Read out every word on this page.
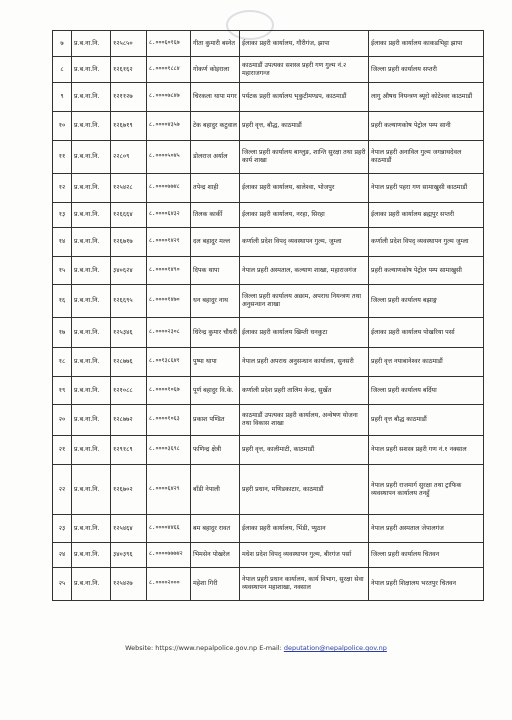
७	प्र.ब.ना.नि.	१२५८५०	८.०००६०१६७	गीता कुमारी बस्नेत	ईलाका प्रहरी कार्यालय, गौरीगंज, झापा	ईलाका प्रहरी कार्यालय काकडभिट्टा झापा
८	प्र.ब.ना.नि.	१२६१६२	८.००००१८८४	गोकर्ण कोइराला	काठमाडौं उपत्यका सशस्त्र प्रहरी गण गुल्म नं.२ महाराजगन्ज	जिल्ला प्रहरी कार्यालय सप्तरी
९	प्र.ब.ना.नि.	१२११२७	८.००००७८४७	चिरकला थापा मगर	पर्यटक प्रहरी कार्यालय भृकुटीमण्डप, काठमाडौं	लागु औषध नियन्त्रण ब्यूरो कोटेश्वर काठमाडौं
१०	प्र.ब.ना.नि.	१२६७१९	८.००००४३५७	टेक बहादुर कटुवाल	प्रहरी वृत्त, बौद्ध, काठमाडौं	प्रहरी कल्याणकोष पेट्रोल पम्प सानी
११	प्र.ब.ना.नि.	२२८०९	८.००००५०४५	डोलराज अर्याल	जिल्ला प्रहरी कार्यालय बाग्लुङ, शान्ति सुरक्षा तथा प्रहरी कार्य शाखा	नेपाल प्रहरी अनाविल गुल्म जगन्नाथदेवल काठमाडौं
१२	प्र.ब.ना.नि.	१२५४२८	८.००००७७४८	तपेन्द्र शाही	ईलाका प्रहरी कार्यालय, बालेश्वा, भोजपुर	नेपाल प्रहरी पहरा गण सामाखुसी काठमाडौं
१३	प्र.ब.ना.नि.	१२६६६४	८.००००६४३२	तिलक कार्की	ईलाका प्रहरी कार्यालय, नरहा, सिरहा	ईलाका प्रहरी कार्यालय ब्रह्मपुर सप्तरी
१४	प्र.ब.ना.नि.	१२६७१७	८.००००१४२१	दल बहादुर मल्ल	कर्णाली प्रदेश विपद् व्यवस्थापन गुल्म, जुम्ला	कर्णाली प्रदेश विपद् व्यवस्थापन गुल्म जुम्ला
१५	प्र.ब.ना.नि.	३४०६२४	८.००००१४९०	दिपक थापा	नेपाल प्रहरी अस्पताल, कल्याण शाखा, महाराजगंज	प्रहरी कल्याणकोष पेट्रोल पम्प सामाखुसी
१६	प्र.ब.ना.नि.	१२६६९५	८.००००१४७०	धन बहादुर नाथ	जिल्ला प्रहरी कार्यालय अछाम, अपराध नियन्त्रण तथा अनुसन्धान शाखा	जिल्ला प्रहरी कार्यालय बझाङ्ग
१७	प्र.ब.ना.नि.	१२५३४६	८.००००२३०८	धिरेन्द्र कुमार चौधरी	ईलाका प्रहरी कार्यालय खिम्ती धनकुटा	ईलाका प्रहरी कार्यालय पोखरिया पर्सा
१८	प्र.ब.ना.नि.	१२८७७६	८.००१३८६४१	पुष्पा थापा	नेपाल प्रहरी अपराध अनुसन्धान कार्यालय, सुनसरी	प्रहरी वृत्त नयाबानेश्वर काठमाडौं
१९	प्र.ब.ना.नि.	१२१०८८	८.००००१०६७	पूर्ण बहादुर वि.के.	कर्णाली प्रदेश प्रहरी तालिम केन्द्र, सुर्खेत	जिल्ला प्रहरी कार्यालय बर्दिया
२०	प्र.ब.ना.नि.	१२८७७२	८.००००१०६३	प्रकाश पण्डित	काठमाडौं उपत्यका प्रहरी कार्यालय, अन्वेषण योजना तथा विकास शाखा	प्रहरी वृत्त बौद्ध काठमाडौं
२१	प्र.ब.ना.नि.	१२९१८९	८.००००३६९८	फणिन्द्र क्षेत्री	प्रहरी वृत्त, कालीमाटी, काठमाडौं	नेपाल प्रहरी सशस्त्र प्रहरी गण नं.१ नक्साल
२२	प्र.ब.ना.नि.	१२६७०२	८.००००६४२९	बाँडी नेपाली	प्रहरी प्रधान, मणिडकाटार, काठमाडौं	नेपाल प्रहरी राजमार्ग सुरक्षा तथा ट्राफिक व्यवस्थापन कार्यालय तनहुँ
२३	प्र.ब.ना.नि.	१२५४६४	८.००००४४६६	बम बहादुर रावत	ईलाका प्रहरी कार्यालय, भिंडी, प्युठान	नेपाल प्रहरी अस्पताल जेपालगंज
२४	प्र.ब.ना.नि.	३४०३९६	८.००००७७७४२	भिमसेन पोखरेल	मधेश प्रदेश विपद् व्यवस्थापन गुल्म, बीरगंज पर्सा	जिल्ला प्रहरी कार्यालय चितवन
२५	प्र.ब.ना.नि.	१२५४२७	८.००००२०००	महेशा गिरी	नेपाल प्रहरी प्रधान कार्यालय, कार्य विभाग, सुरक्षा सेवा व्यवस्थापन महाशाखा, नक्साल	नेपाल प्रहरी शिक्षालय भरतपुर चितवन
Website: https://www.nepalpolice.gov.np E-mail: deputation@nepalpolice.gov.np
